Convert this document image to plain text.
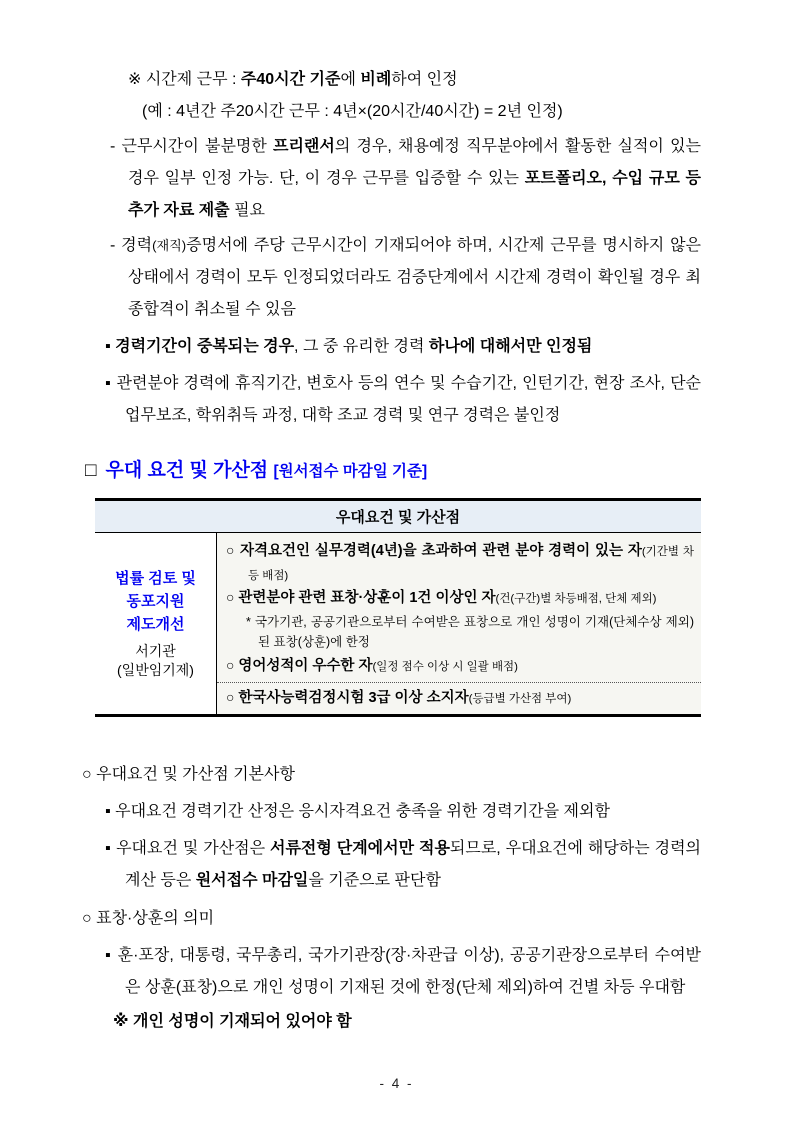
※ 시간제 근무 : 주40시간 기준에 비례하여 인정
(예 : 4년간 주20시간 근무 : 4년×(20시간/40시간) = 2년 인정)
- 근무시간이 불분명한 프리랜서의 경우, 채용예정 직무분야에서 활동한 실적이 있는 경우 일부 인정 가능. 단, 이 경우 근무를 입증할 수 있는 포트폴리오, 수입 규모 등 추가 자료 제출 필요
- 경력(재직)증명서에 주당 근무시간이 기재되어야 하며, 시간제 근무를 명시하지 않은 상태에서 경력이 모두 인정되었더라도 검증단계에서 시간제 경력이 확인될 경우 최종합격이 취소될 수 있음
▪ 경력기간이 중복되는 경우, 그 중 유리한 경력 하나에 대해서만 인정됨
▪ 관련분야 경력에 휴직기간, 변호사 등의 연수 및 수습기간, 인턴기간, 현장 조사, 단순업무보조, 학위취득 과정, 대학 조교 경력 및 연구 경력은 불인정
□ 우대 요건 및 가산점 [원서접수 마감일 기준]
우대요건 및 가산점
법률 검토 및
동포지원
제도개선
서기관
(일반임기제)
○ 자격요건인 실무경력(4년)을 초과하여 관련 분야 경력이 있는 자(기간별 차등 배점)
○ 관련분야 관련 표창·상훈이 1건 이상인 자(건(구간)별 차등배점, 단체 제외)
* 국가기관, 공공기관으로부터 수여받은 표창으로 개인 성명이 기재(단체수상 제외)된 표창(상훈)에 한정
○ 영어성적이 우수한 자(일정 점수 이상 시 일괄 배점)
○ 한국사능력검정시험 3급 이상 소지자(등급별 가산점 부여)
○ 우대요건 및 가산점 기본사항
▪ 우대요건 경력기간 산정은 응시자격요건 충족을 위한 경력기간을 제외함
▪ 우대요건 및 가산점은 서류전형 단계에서만 적용되므로, 우대요건에 해당하는 경력의 계산 등은 원서접수 마감일을 기준으로 판단함
○ 표창·상훈의 의미
▪ 훈·포장, 대통령, 국무총리, 국가기관장(장·차관급 이상), 공공기관장으로부터 수여받은 상훈(표창)으로 개인 성명이 기재된 것에 한정(단체 제외)하여 건별 차등 우대함
※ 개인 성명이 기재되어 있어야 함
- 4 -
